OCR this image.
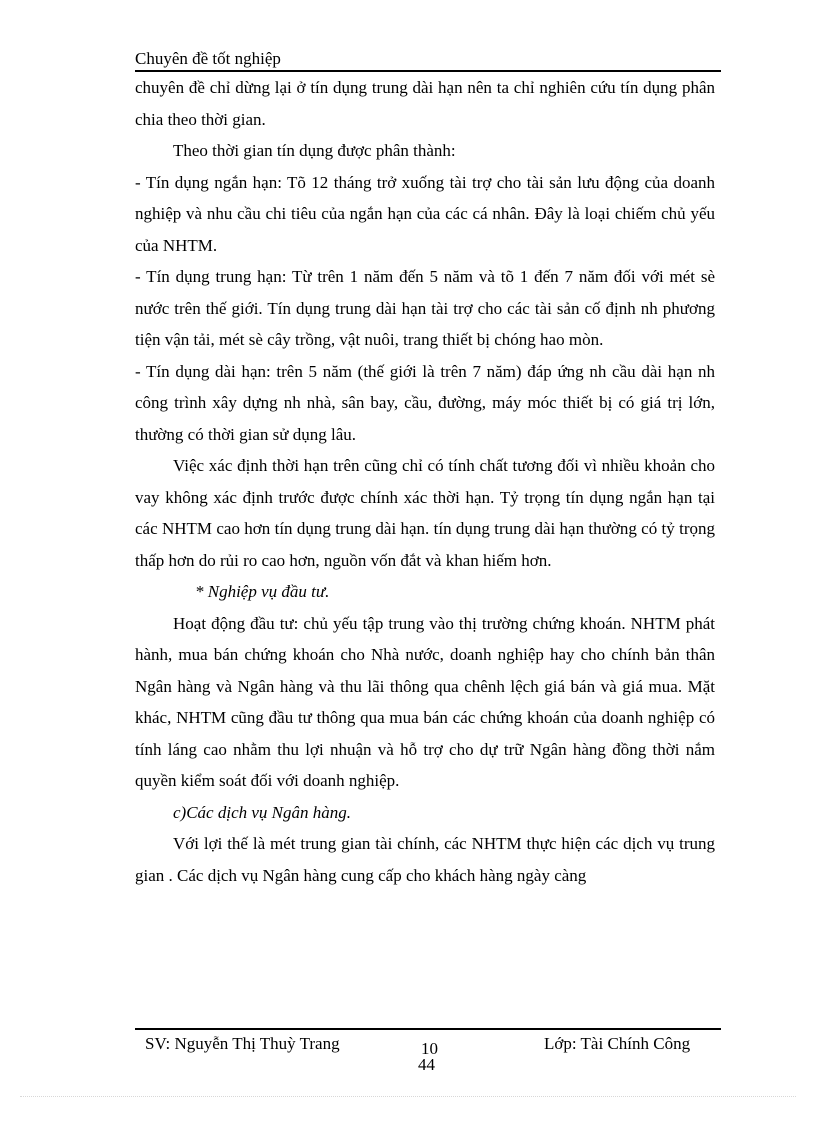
Chuyên đề tốt nghiệp

chuyên đề chỉ dừng lại ở tín dụng trung dài hạn nên ta chỉ nghiên cứu tín dụng phân chia theo thời gian.

Theo thời gian tín dụng được phân thành:

- Tín dụng ngắn hạn: Tõ 12 tháng trở xuống tài trợ cho tài sản lưu động của doanh nghiệp và nhu cầu chi tiêu của ngắn hạn của các cá nhân. Đây là loại chiếm chủ yếu của NHTM.

- Tín dụng trung hạn: Từ trên 1 năm đến 5 năm và tõ 1 đến 7 năm đối với mét sè nước trên thế giới. Tín dụng trung dài hạn tài trợ cho các tài sản cố định nh phương tiện vận tải, mét sè cây trồng, vật nuôi, trang thiết bị chóng hao mòn.

- Tín dụng dài hạn: trên 5 năm (thế giới là trên 7 năm) đáp ứng nh cầu dài hạn nh công trình xây dựng nh nhà, sân bay, cầu, đường, máy móc thiết bị có giá trị lớn, thường có thời gian sử dụng lâu.

Việc xác định thời hạn trên cũng chỉ có tính chất tương đối vì nhiều khoản cho vay không xác định trước được chính xác thời hạn. Tỷ trọng tín dụng ngắn hạn tại các NHTM cao hơn tín dụng trung dài hạn. tín dụng trung dài hạn thường có tỷ trọng thấp hơn do rủi ro cao hơn, nguồn vốn đắt và khan hiếm hơn.

* Nghiệp vụ đầu tư.

Hoạt động đầu tư: chủ yếu tập trung vào thị trường chứng khoán. NHTM phát hành, mua bán chứng khoán cho Nhà nước, doanh nghiệp hay cho chính bản thân Ngân hàng và Ngân hàng và thu lãi thông qua chênh lệch giá bán và giá mua. Mặt khác, NHTM cũng đầu tư thông qua mua bán các chứng khoán của doanh nghiệp có tính láng cao nhằm thu lợi nhuận và hỗ trợ cho dự trữ Ngân hàng đồng thời nắm quyền kiểm soát đối với doanh nghiệp.

c)Các dịch vụ Ngân hàng.

Với lợi thế là mét trung gian tài chính, các NHTM thực hiện các dịch vụ trung gian . Các dịch vụ Ngân hàng cung cấp cho khách hàng ngày càng

SV: Nguyễn Thị Thuỳ Trang	10
44
Lớp: Tài Chính Công
